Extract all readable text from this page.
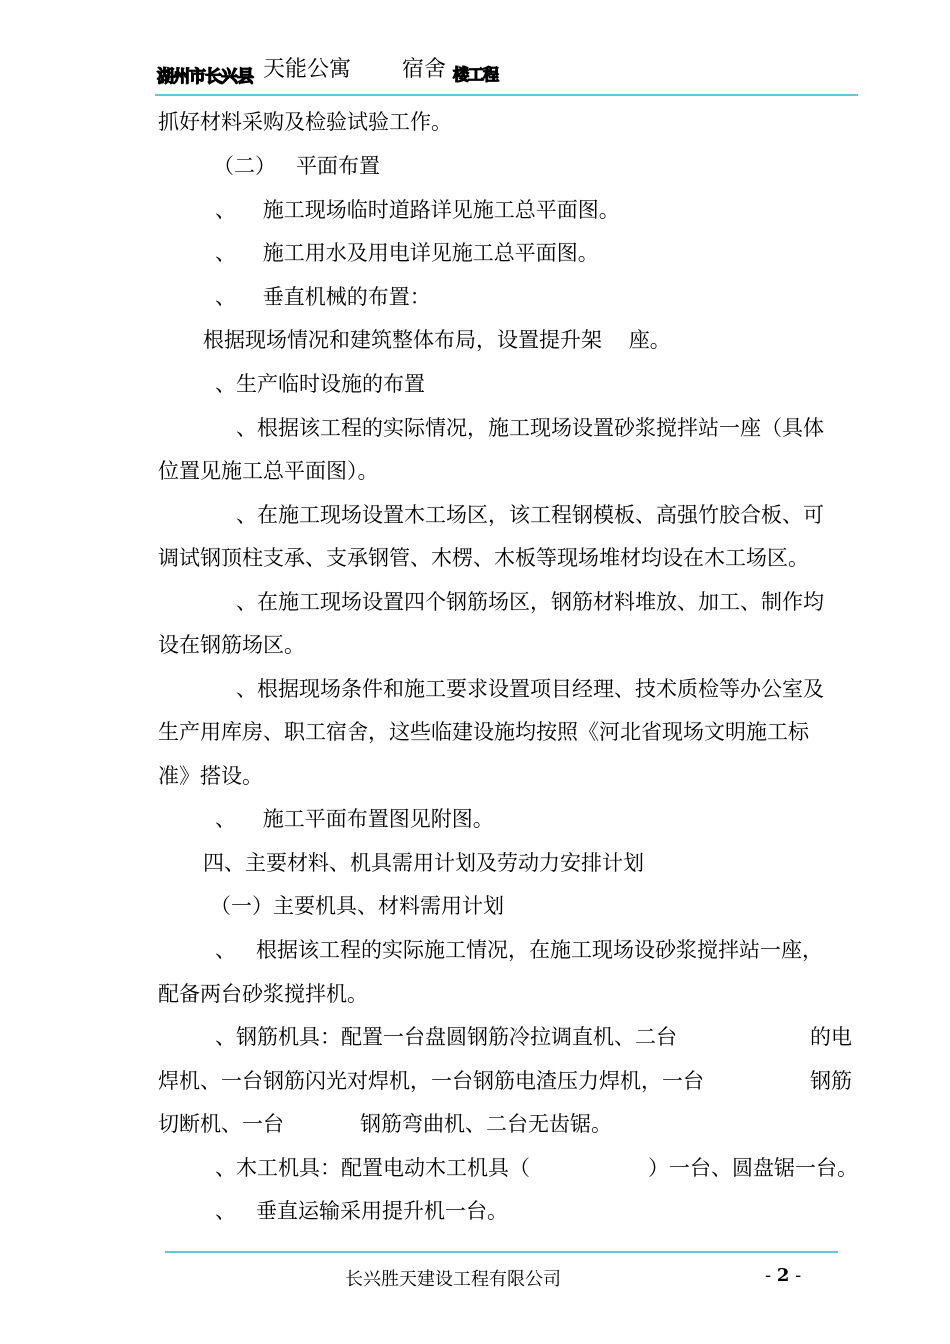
湖州市长兴县 天能公寓 宿舍 楼工程
抓好材料采购及检验试验工作。
（二）   平面布置
、    施工现场临时道路详见施工总平面图。
、    施工用水及用电详见施工总平面图。
、    垂直机械的布置：
根据现场情况和建筑整体布局，设置提升架    座。
、生产临时设施的布置
、根据该工程的实际情况，施工现场设置砂浆搅拌站一座（具体
位置见施工总平面图）。
、在施工现场设置木工场区，该工程钢模板、高强竹胶合板、可
调试钢顶柱支承、支承钢管、木楞、木板等现场堆材均设在木工场区。
、在施工现场设置四个钢筋场区，钢筋材料堆放、加工、制作均
设在钢筋场区。
、根据现场条件和施工要求设置项目经理、技术质检等办公室及
生产用库房、职工宿舍，这些临建设施均按照《河北省现场文明施工标
准》搭设。
、    施工平面布置图见附图。
四、主要材料、机具需用计划及劳动力安排计划
（一）主要机具、材料需用计划
、   根据该工程的实际施工情况，在施工现场设砂浆搅拌站一座，
配备两台砂浆搅拌机。
、钢筋机具：配置一台盘圆钢筋冷拉调直机、二台	的电
焊机、一台钢筋闪光对焊机，一台钢筋电渣压力焊机，一台	钢筋
切断机、一台	钢筋弯曲机、二台无齿锯。
、木工机具：配置电动木工机具（	）一台、圆盘锯一台。
、   垂直运输采用提升机一台。
长兴胜天建设工程有限公司	- 2 -
